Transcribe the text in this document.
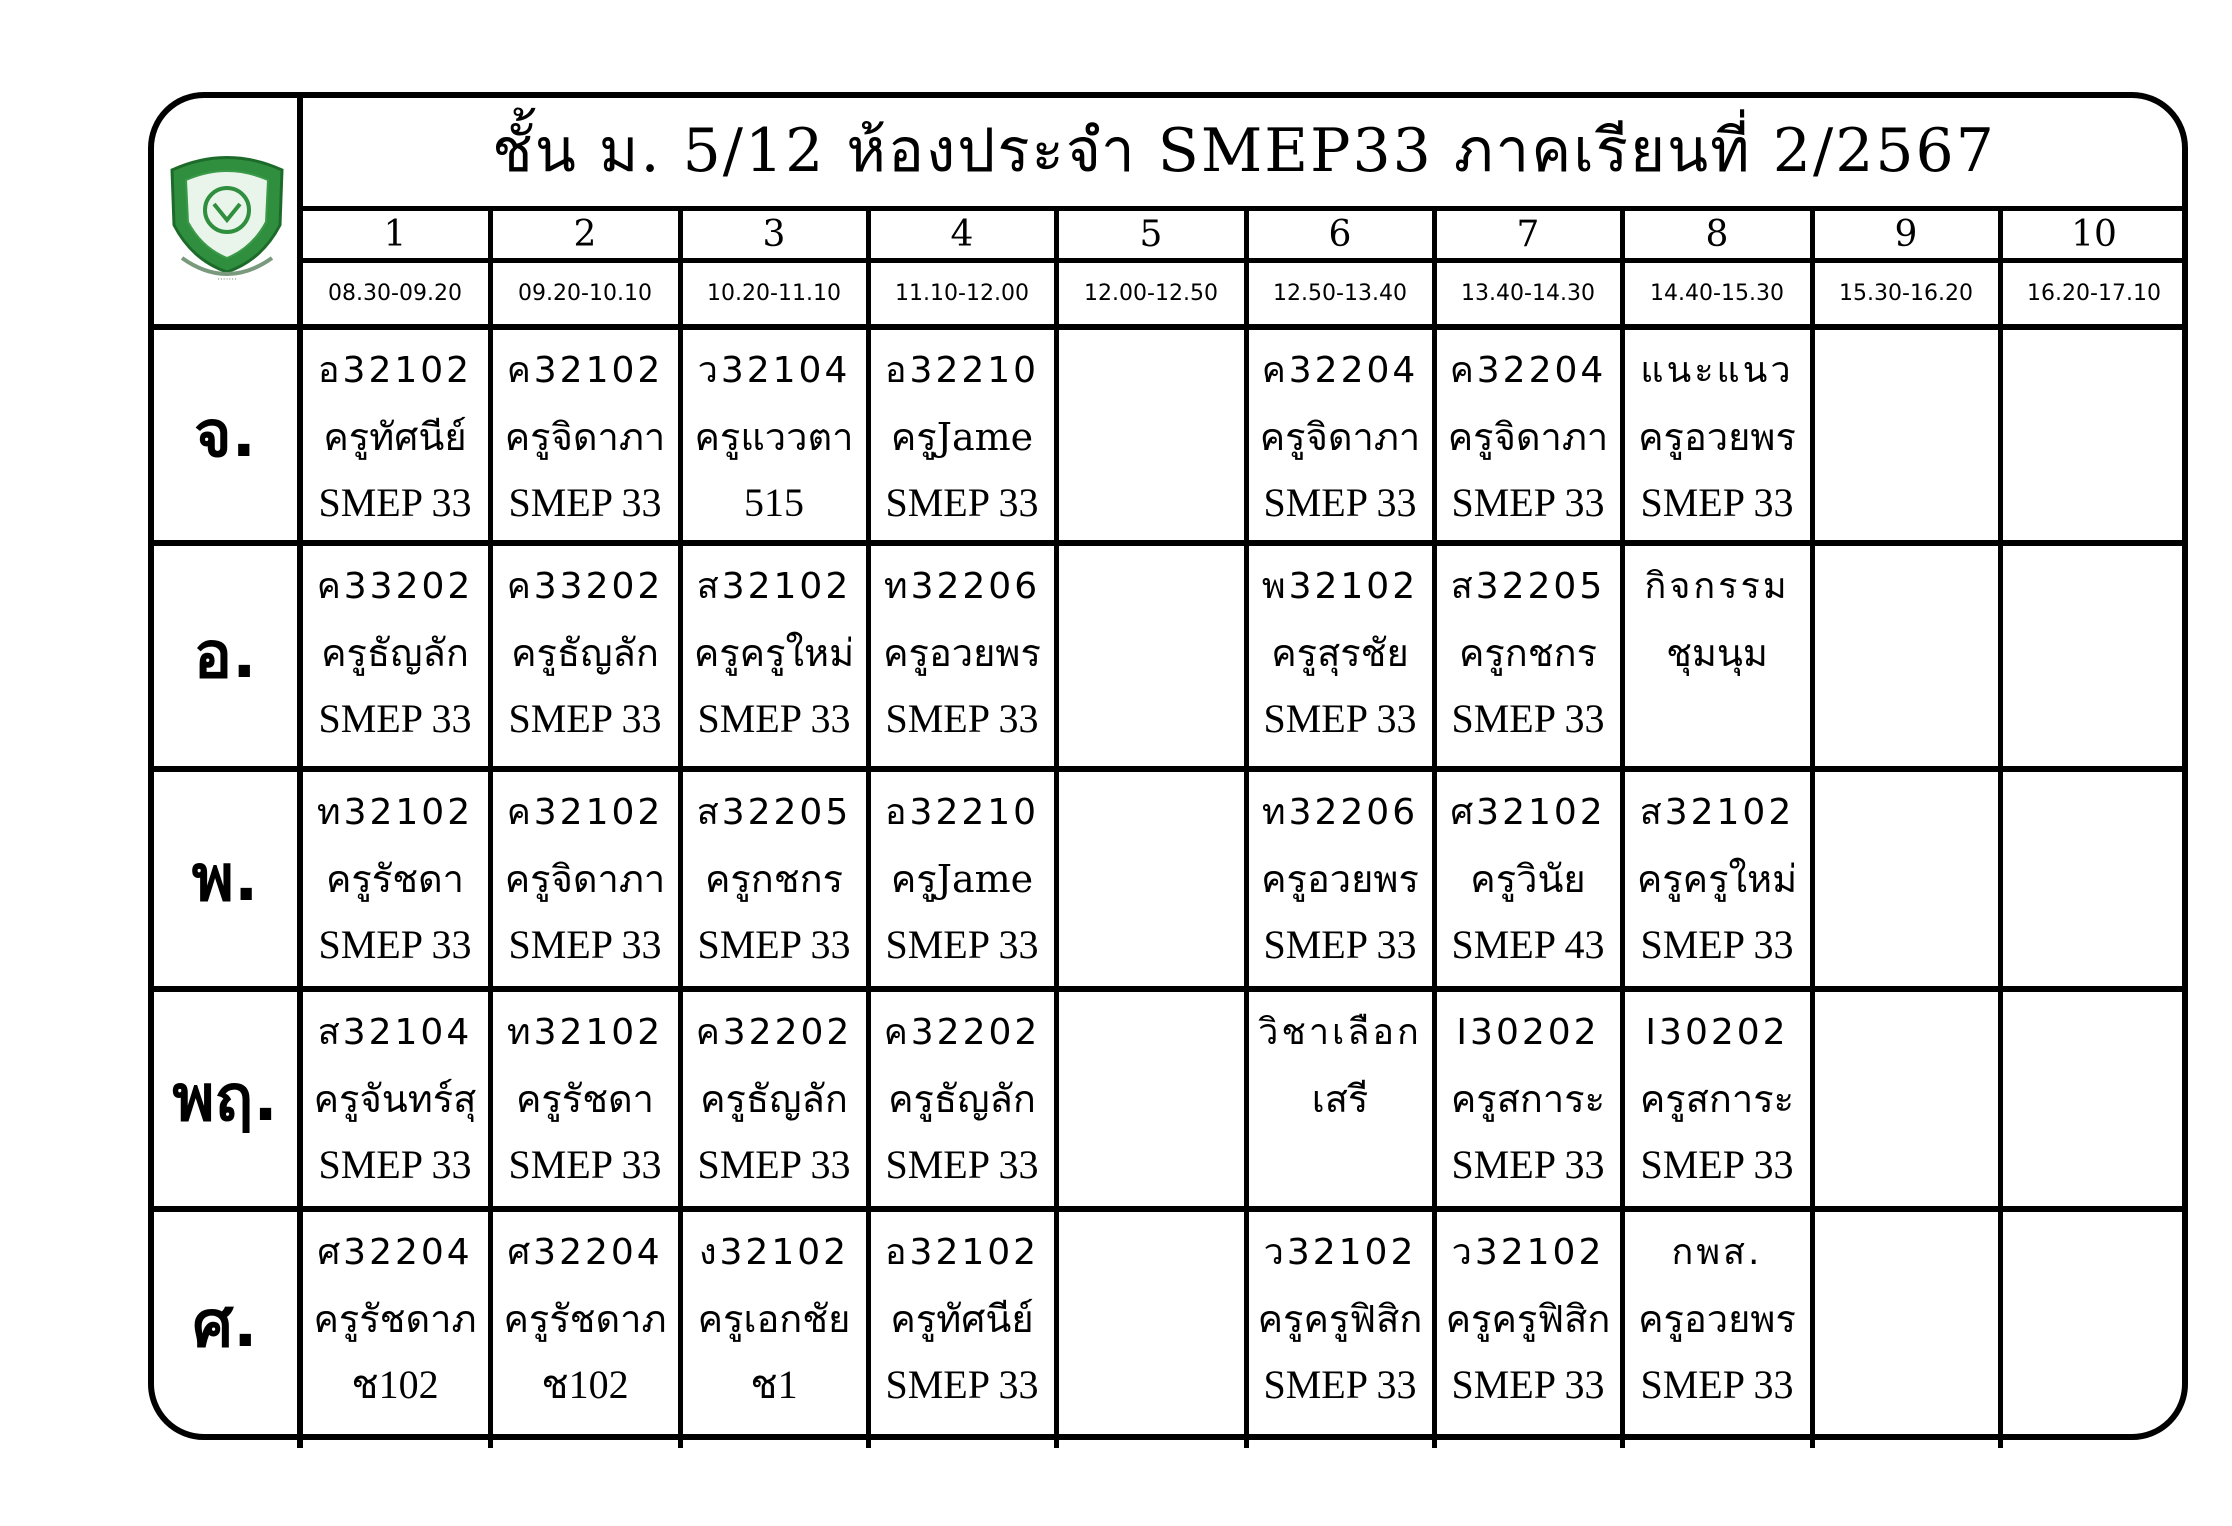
ชั้น ม. 5/12 ห้องประจำ SMEP33 ภาคเรียนที่ 2/2567
·······
1
08.30-09.20
2
09.20-10.10
3
10.20-11.10
4
11.10-12.00
5
12.00-12.50
6
12.50-13.40
7
13.40-14.30
8
14.40-15.30
9
15.30-16.20
10
16.20-17.10
จ.
อ32102
ครูทัศนีย์
SMEP 33
ค32102
ครูจิดาภา
SMEP 33
ว32104
ครูแววตา
515
อ32210
ครูJame
SMEP 33
ค32204
ครูจิดาภา
SMEP 33
ค32204
ครูจิดาภา
SMEP 33
แนะแนว
ครูอวยพร
SMEP 33
อ.
ค33202
ครูธัญลัก
SMEP 33
ค33202
ครูธัญลัก
SMEP 33
ส32102
ครูครูใหม่
SMEP 33
ท32206
ครูอวยพร
SMEP 33
พ32102
ครูสุรชัย
SMEP 33
ส32205
ครูกชกร
SMEP 33
กิจกรรม
ชุมนุม
พ.
ท32102
ครูรัชดา
SMEP 33
ค32102
ครูจิดาภา
SMEP 33
ส32205
ครูกชกร
SMEP 33
อ32210
ครูJame
SMEP 33
ท32206
ครูอวยพร
SMEP 33
ศ32102
ครูวินัย
SMEP 43
ส32102
ครูครูใหม่
SMEP 33
พฤ.
ส32104
ครูจันทร์สุ
SMEP 33
ท32102
ครูรัชดา
SMEP 33
ค32202
ครูธัญลัก
SMEP 33
ค32202
ครูธัญลัก
SMEP 33
วิชาเลือก
เสรี
I30202
ครูสการะ
SMEP 33
I30202
ครูสการะ
SMEP 33
ศ.
ศ32204
ครูรัชดาภ
ช102
ศ32204
ครูรัชดาภ
ช102
ง32102
ครูเอกชัย
ช1
อ32102
ครูทัศนีย์
SMEP 33
ว32102
ครูครูฟิสิก
SMEP 33
ว32102
ครูครูฟิสิก
SMEP 33
กพส.
ครูอวยพร
SMEP 33
